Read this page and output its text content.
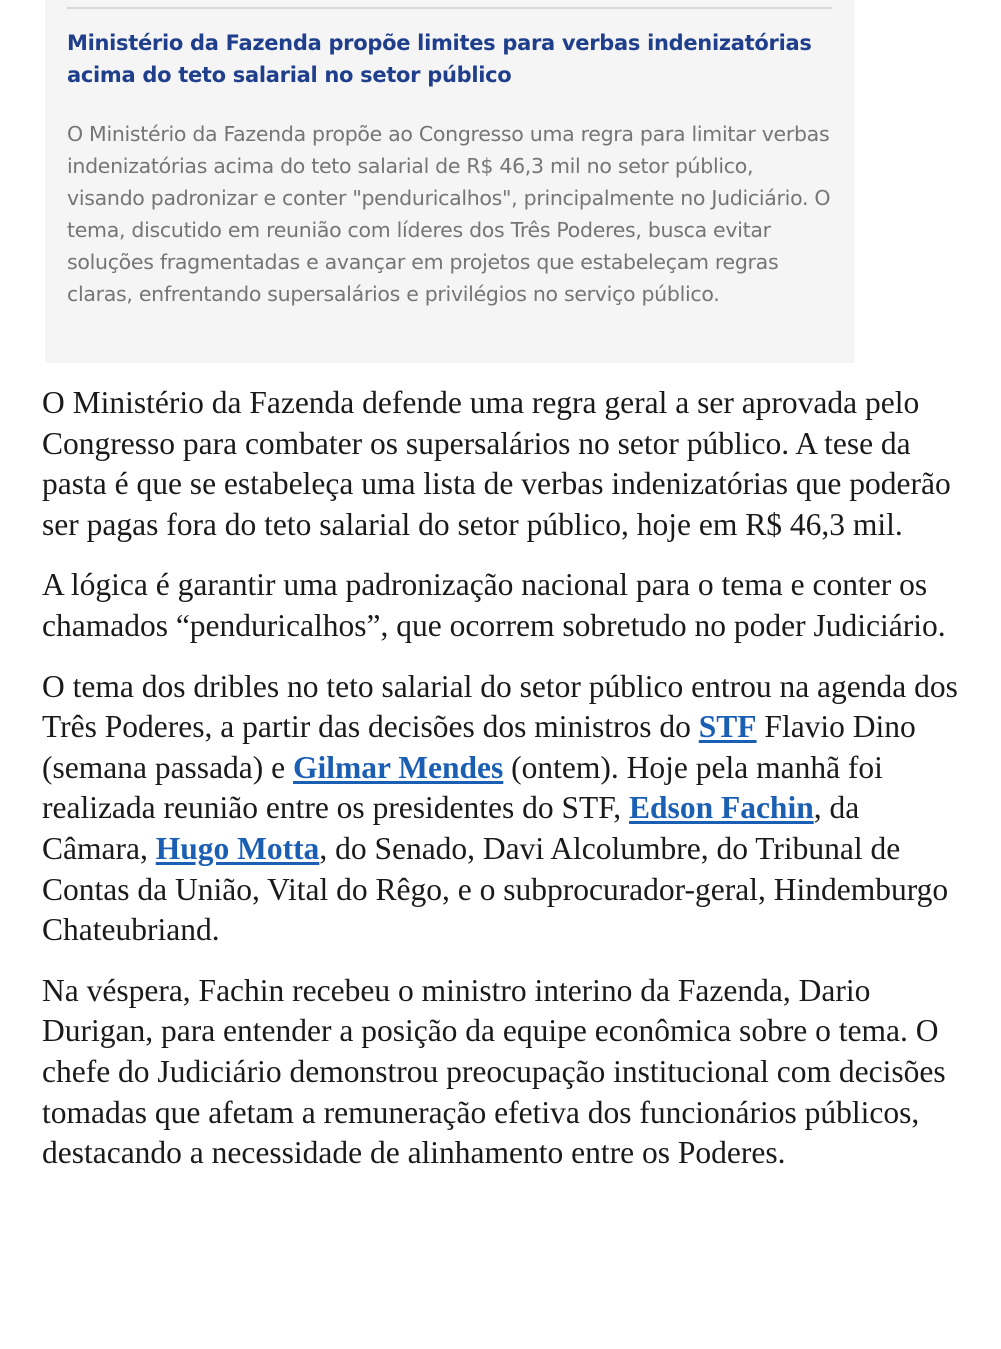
Ministério da Fazenda propõe limites para verbas indenizatórias acima do teto salarial no setor público

O Ministério da Fazenda propõe ao Congresso uma regra para limitar verbas indenizatórias acima do teto salarial de R$ 46,3 mil no setor público, visando padronizar e conter "penduricalhos", principalmente no Judiciário. O tema, discutido em reunião com líderes dos Três Poderes, busca evitar soluções fragmentadas e avançar em projetos que estabeleçam regras claras, enfrentando supersalários e privilégios no serviço público.

O Ministério da Fazenda defende uma regra geral a ser aprovada pelo Congresso para combater os supersalários no setor público. A tese da pasta é que se estabeleça uma lista de verbas indenizatórias que poderão ser pagas fora do teto salarial do setor público, hoje em R$ 46,3 mil.

A lógica é garantir uma padronização nacional para o tema e conter os chamados “penduricalhos”, que ocorrem sobretudo no poder Judiciário.

O tema dos dribles no teto salarial do setor público entrou na agenda dos Três Poderes, a partir das decisões dos ministros do STF Flavio Dino (semana passada) e Gilmar Mendes (ontem). Hoje pela manhã foi realizada reunião entre os presidentes do STF, Edson Fachin, da Câmara, Hugo Motta, do Senado, Davi Alcolumbre, do Tribunal de Contas da União, Vital do Rêgo, e o subprocurador-geral, Hindemburgo Chateubriand.

Na véspera, Fachin recebeu o ministro interino da Fazenda, Dario Durigan, para entender a posição da equipe econômica sobre o tema. O chefe do Judiciário demonstrou preocupação institucional com decisões tomadas que afetam a remuneração efetiva dos funcionários públicos, destacando a necessidade de alinhamento entre os Poderes.
